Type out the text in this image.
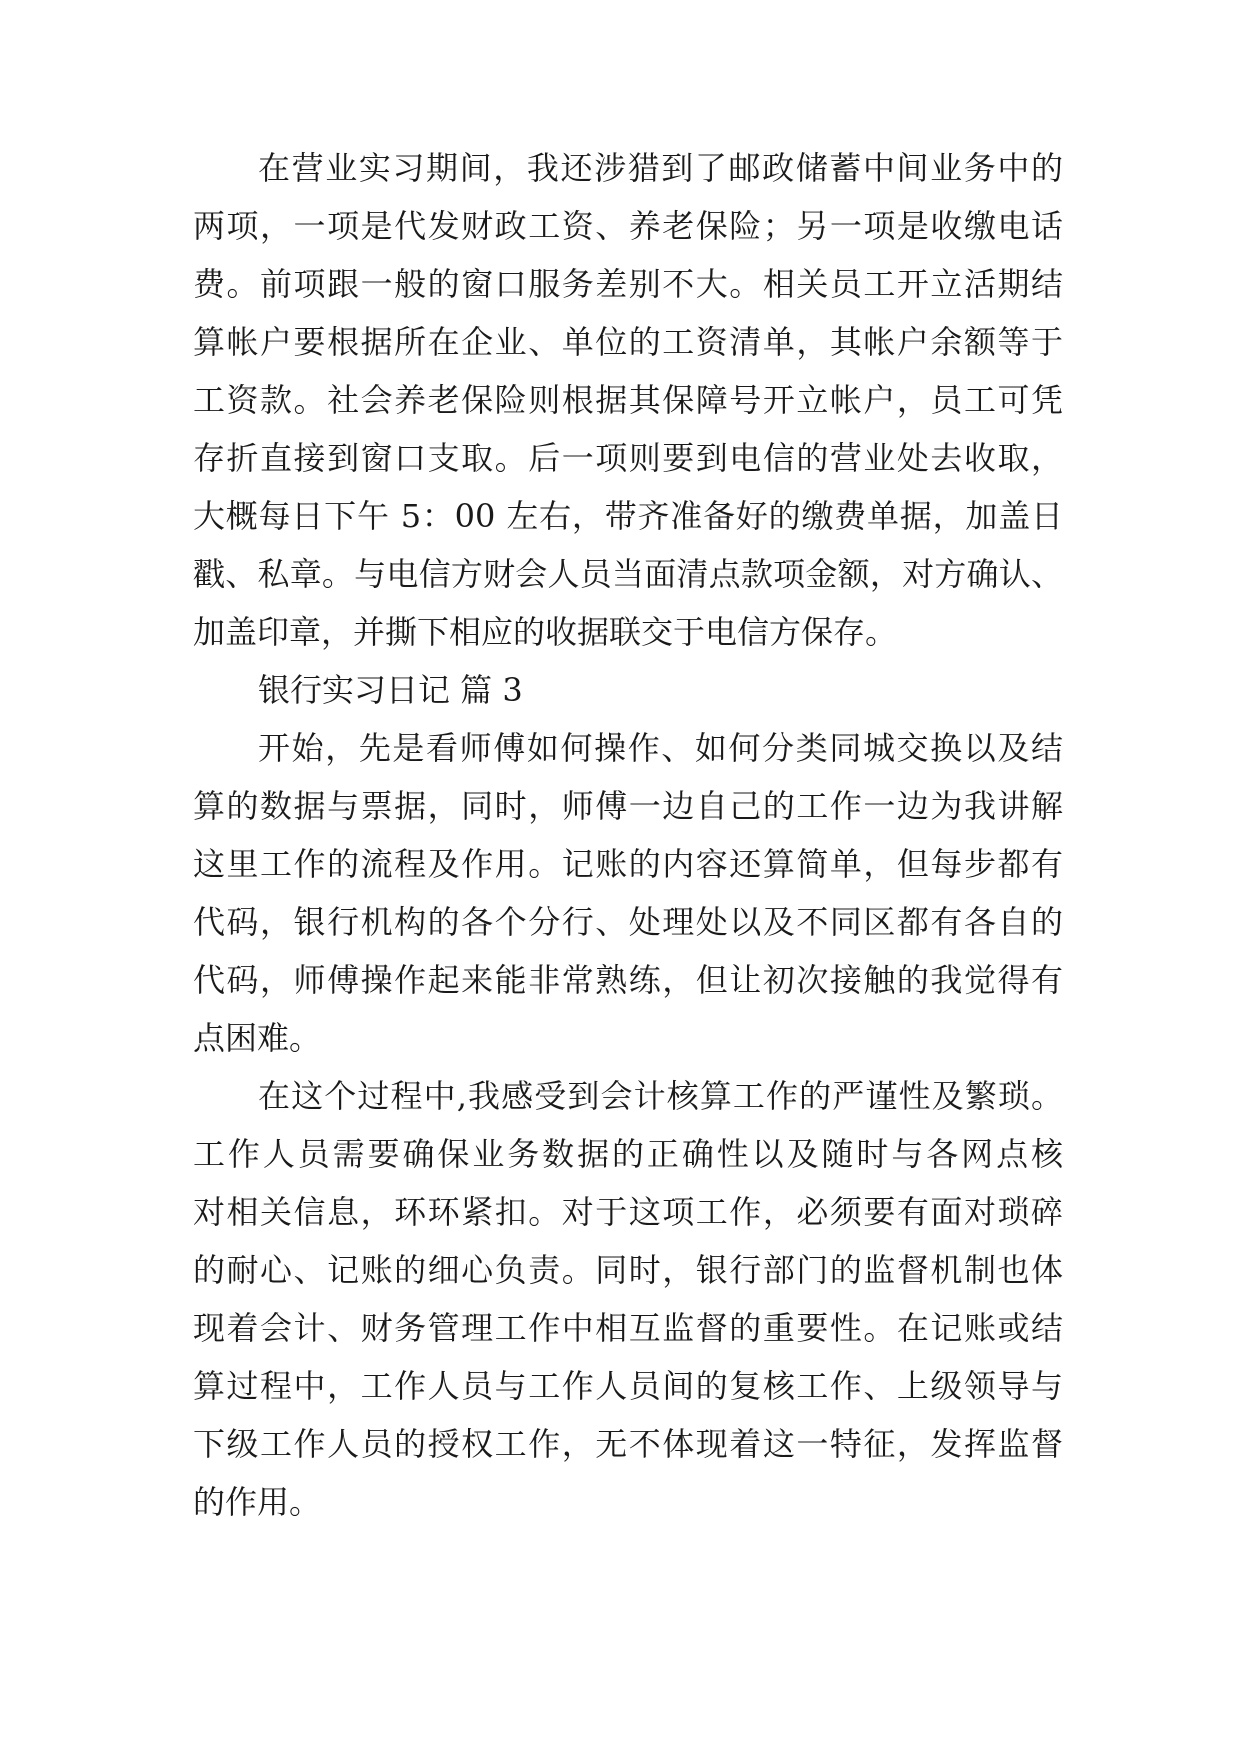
在营业实习期间，我还涉猎到了邮政储蓄中间业务中的
两项，一项是代发财政工资、养老保险；另一项是收缴电话
费。前项跟一般的窗口服务差别不大。相关员工开立活期结
算帐户要根据所在企业、单位的工资清单，其帐户余额等于
工资款。社会养老保险则根据其保障号开立帐户，员工可凭
存折直接到窗口支取。后一项则要到电信的营业处去收取，
大概每日下午 5：00 左右，带齐准备好的缴费单据，加盖日
戳、私章。与电信方财会人员当面清点款项金额，对方确认、
加盖印章，并撕下相应的收据联交于电信方保存。
银行实习日记 篇 3
开始，先是看师傅如何操作、如何分类同城交换以及结
算的数据与票据，同时，师傅一边自己的工作一边为我讲解
这里工作的流程及作用。记账的内容还算简单，但每步都有
代码，银行机构的各个分行、处理处以及不同区都有各自的
代码，师傅操作起来能非常熟练，但让初次接触的我觉得有
点困难。
在这个过程中,我感受到会计核算工作的严谨性及繁琐。
工作人员需要确保业务数据的正确性以及随时与各网点核
对相关信息，环环紧扣。对于这项工作，必须要有面对琐碎
的耐心、记账的细心负责。同时，银行部门的监督机制也体
现着会计、财务管理工作中相互监督的重要性。在记账或结
算过程中，工作人员与工作人员间的复核工作、上级领导与
下级工作人员的授权工作，无不体现着这一特征，发挥监督
的作用。
